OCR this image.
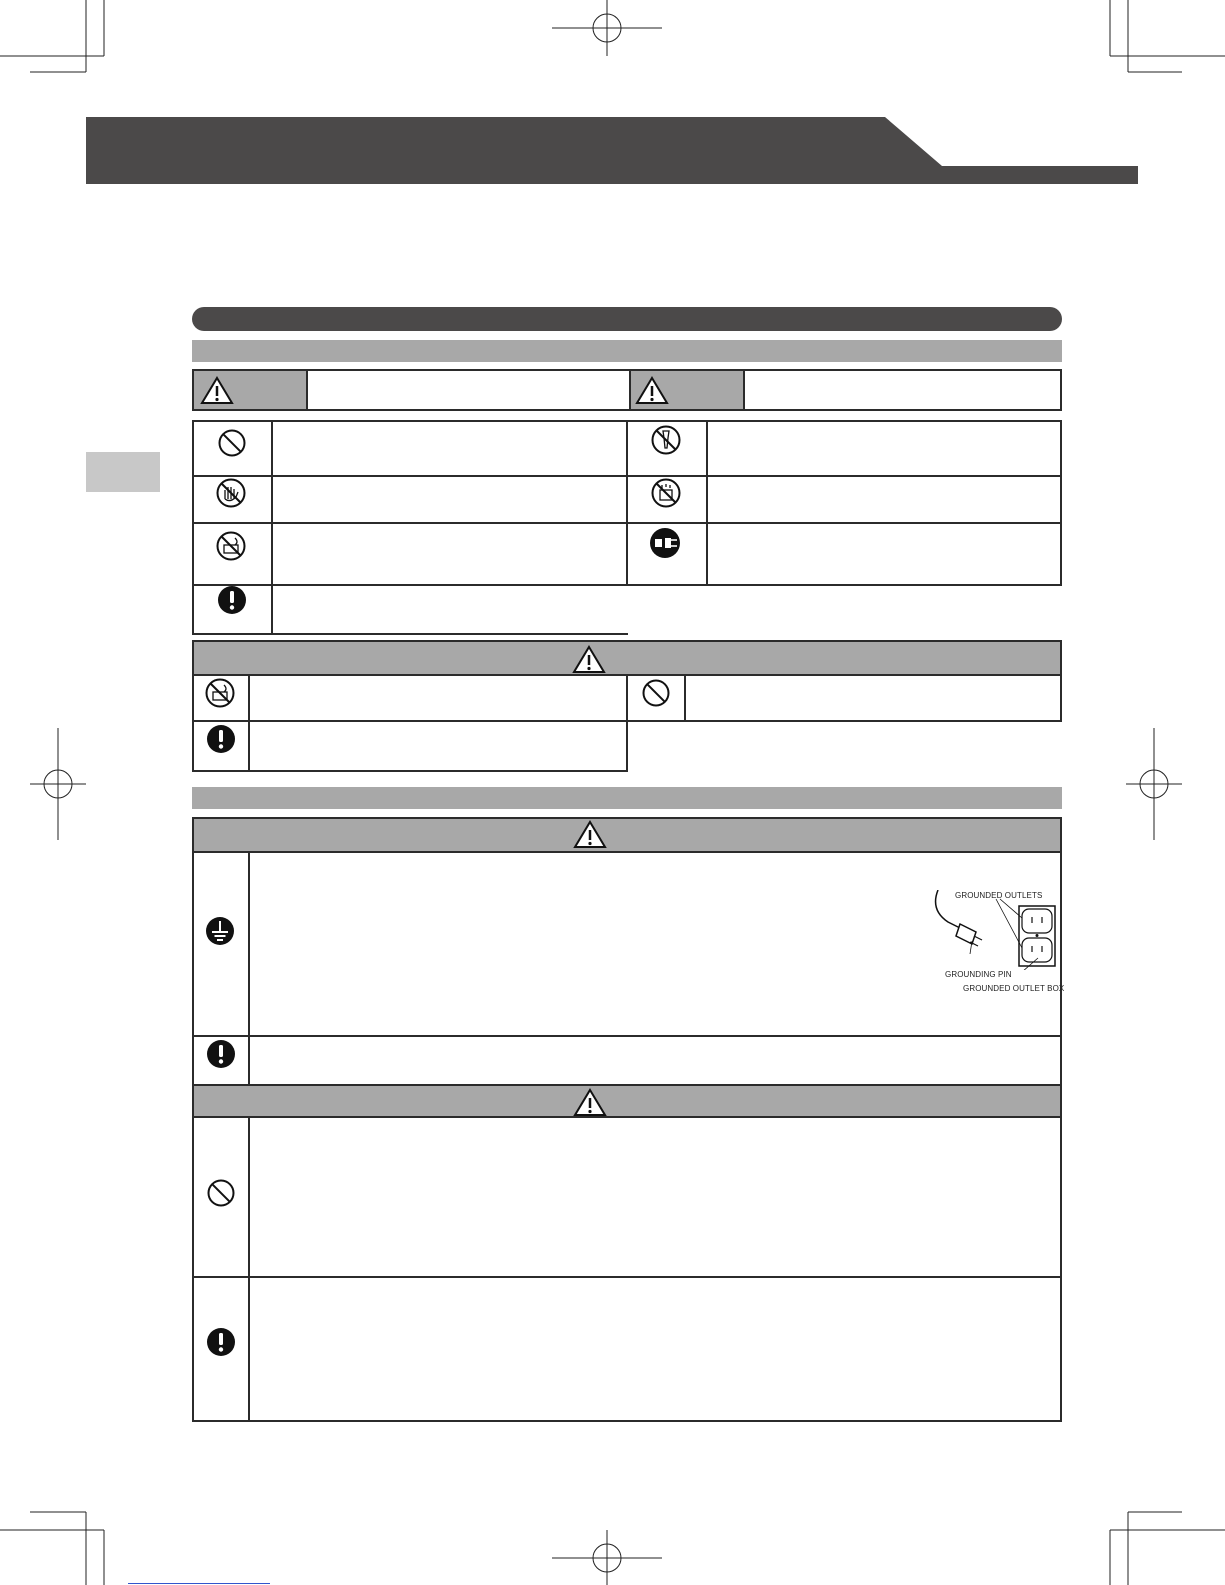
GROUNDED OUTLETS
GROUNDING PIN
GROUNDED OUTLET BOX
